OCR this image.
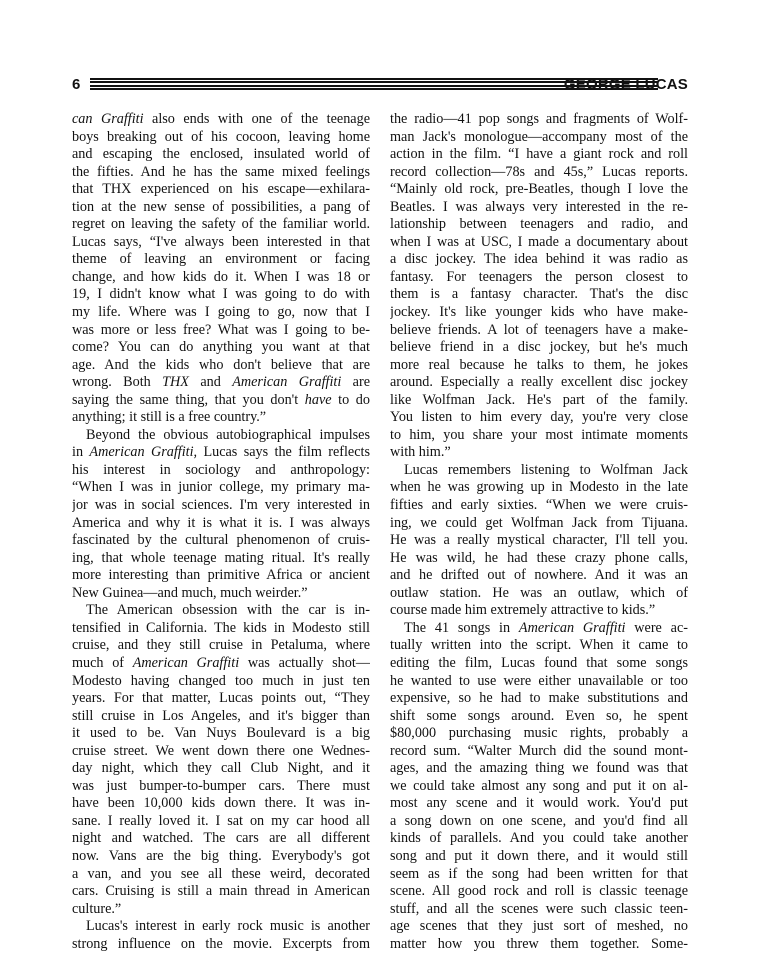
6	GEORGE LUCAS
can Graffiti also ends with one of the teenage
boys breaking out of his cocoon, leaving home
and escaping the enclosed, insulated world of
the fifties. And he has the same mixed feelings
that THX experienced on his escape—exhilara-
tion at the new sense of possibilities, a pang of
regret on leaving the safety of the familiar world.
Lucas says, “I've always been interested in that
theme of leaving an environment or facing
change, and how kids do it. When I was 18 or
19, I didn't know what I was going to do with
my life. Where was I going to go, now that I
was more or less free? What was I going to be-
come? You can do anything you want at that
age. And the kids who don't believe that are
wrong. Both THX and American Graffiti are
saying the same thing, that you don't have to do
anything; it still is a free country.”
Beyond the obvious autobiographical impulses
in American Graffiti, Lucas says the film reflects
his interest in sociology and anthropology:
“When I was in junior college, my primary ma-
jor was in social sciences. I'm very interested in
America and why it is what it is. I was always
fascinated by the cultural phenomenon of cruis-
ing, that whole teenage mating ritual. It's really
more interesting than primitive Africa or ancient
New Guinea—and much, much weirder.”
The American obsession with the car is in-
tensified in California. The kids in Modesto still
cruise, and they still cruise in Petaluma, where
much of American Graffiti was actually shot—
Modesto having changed too much in just ten
years. For that matter, Lucas points out, “They
still cruise in Los Angeles, and it's bigger than
it used to be. Van Nuys Boulevard is a big
cruise street. We went down there one Wednes-
day night, which they call Club Night, and it
was just bumper-to-bumper cars. There must
have been 10,000 kids down there. It was in-
sane. I really loved it. I sat on my car hood all
night and watched. The cars are all different
now. Vans are the big thing. Everybody's got
a van, and you see all these weird, decorated
cars. Cruising is still a main thread in American
culture.”
Lucas's interest in early rock music is another
strong influence on the movie. Excerpts from
the radio—41 pop songs and fragments of Wolf-
man Jack's monologue—accompany most of the
action in the film. “I have a giant rock and roll
record collection—78s and 45s,” Lucas reports.
“Mainly old rock, pre-Beatles, though I love the
Beatles. I was always very interested in the re-
lationship between teenagers and radio, and
when I was at USC, I made a documentary about
a disc jockey. The idea behind it was radio as
fantasy. For teenagers the person closest to
them is a fantasy character. That's the disc
jockey. It's like younger kids who have make-
believe friends. A lot of teenagers have a make-
believe friend in a disc jockey, but he's much
more real because he talks to them, he jokes
around. Especially a really excellent disc jockey
like Wolfman Jack. He's part of the family.
You listen to him every day, you're very close
to him, you share your most intimate moments
with him.”
Lucas remembers listening to Wolfman Jack
when he was growing up in Modesto in the late
fifties and early sixties. “When we were cruis-
ing, we could get Wolfman Jack from Tijuana.
He was a really mystical character, I'll tell you.
He was wild, he had these crazy phone calls,
and he drifted out of nowhere. And it was an
outlaw station. He was an outlaw, which of
course made him extremely attractive to kids.”
The 41 songs in American Graffiti were ac-
tually written into the script. When it came to
editing the film, Lucas found that some songs
he wanted to use were either unavailable or too
expensive, so he had to make substitutions and
shift some songs around. Even so, he spent
$80,000 purchasing music rights, probably a
record sum. “Walter Murch did the sound mont-
ages, and the amazing thing we found was that
we could take almost any song and put it on al-
most any scene and it would work. You'd put
a song down on one scene, and you'd find all
kinds of parallels. And you could take another
song and put it down there, and it would still
seem as if the song had been written for that
scene. All good rock and roll is classic teenage
stuff, and all the scenes were such classic teen-
age scenes that they just sort of meshed, no
matter how you threw them together. Some-
